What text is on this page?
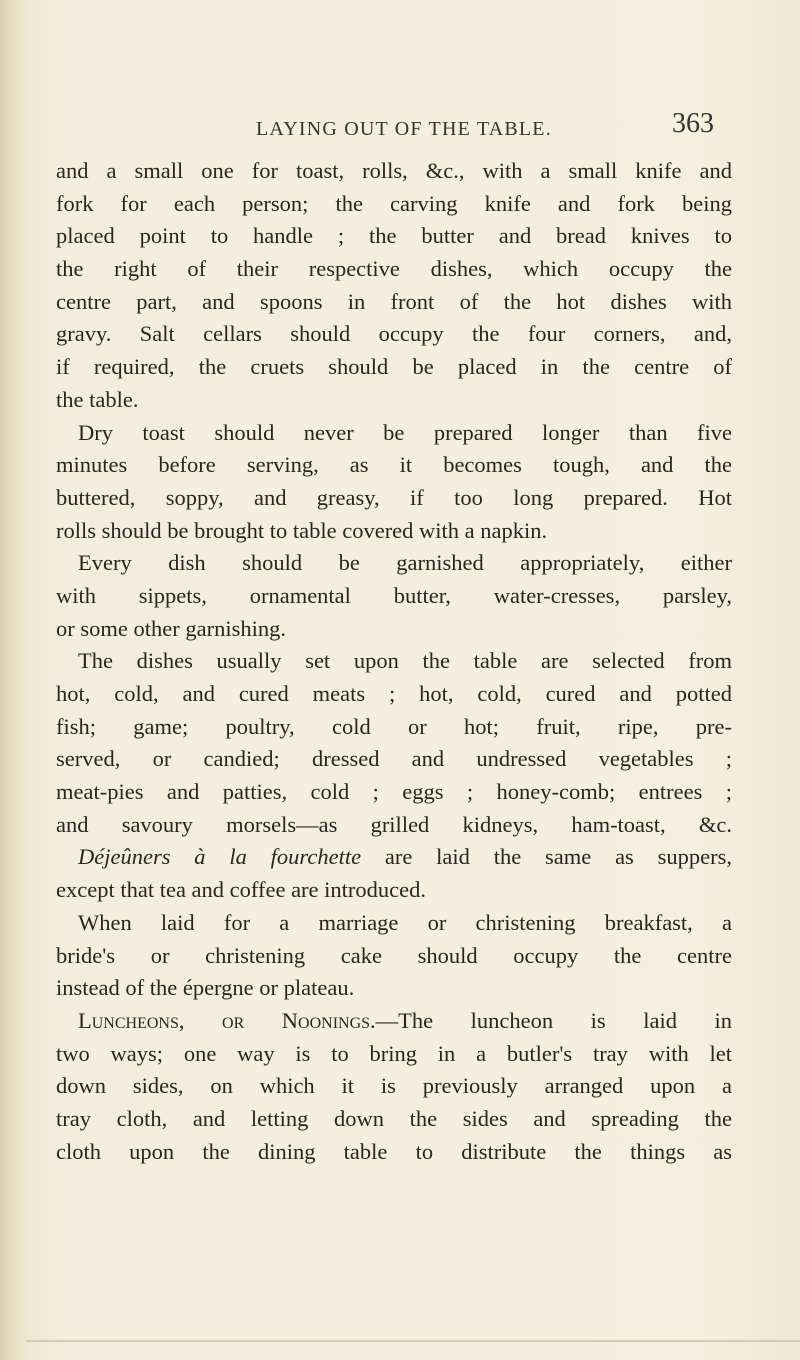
LAYING OUT OF THE TABLE.	363
and a small one for toast, rolls, &c., with a small knife and
fork for each person; the carving knife and fork being
placed point to handle ; the butter and bread knives to
the right of their respective dishes, which occupy the
centre part, and spoons in front of the hot dishes with
gravy. Salt cellars should occupy the four corners, and,
if required, the cruets should be placed in the centre of
the table.
Dry toast should never be prepared longer than five
minutes before serving, as it becomes tough, and the
buttered, soppy, and greasy, if too long prepared. Hot
rolls should be brought to table covered with a napkin.
Every dish should be garnished appropriately, either
with sippets, ornamental butter, water-cresses, parsley,
or some other garnishing.
The dishes usually set upon the table are selected from
hot, cold, and cured meats ; hot, cold, cured and potted
fish; game; poultry, cold or hot; fruit, ripe, pre-
served, or candied; dressed and undressed vegetables ;
meat-pies and patties, cold ; eggs ; honey-comb; entrees ;
and savoury morsels—as grilled kidneys, ham-toast, &c.
Déjeûners à la fourchette are laid the same as suppers,
except that tea and coffee are introduced.
When laid for a marriage or christening breakfast, a
bride's or christening cake should occupy the centre
instead of the épergne or plateau.
Luncheons, or Noonings.—The luncheon is laid in
two ways; one way is to bring in a butler's tray with let
down sides, on which it is previously arranged upon a
tray cloth, and letting down the sides and spreading the
cloth upon the dining table to distribute the things as
